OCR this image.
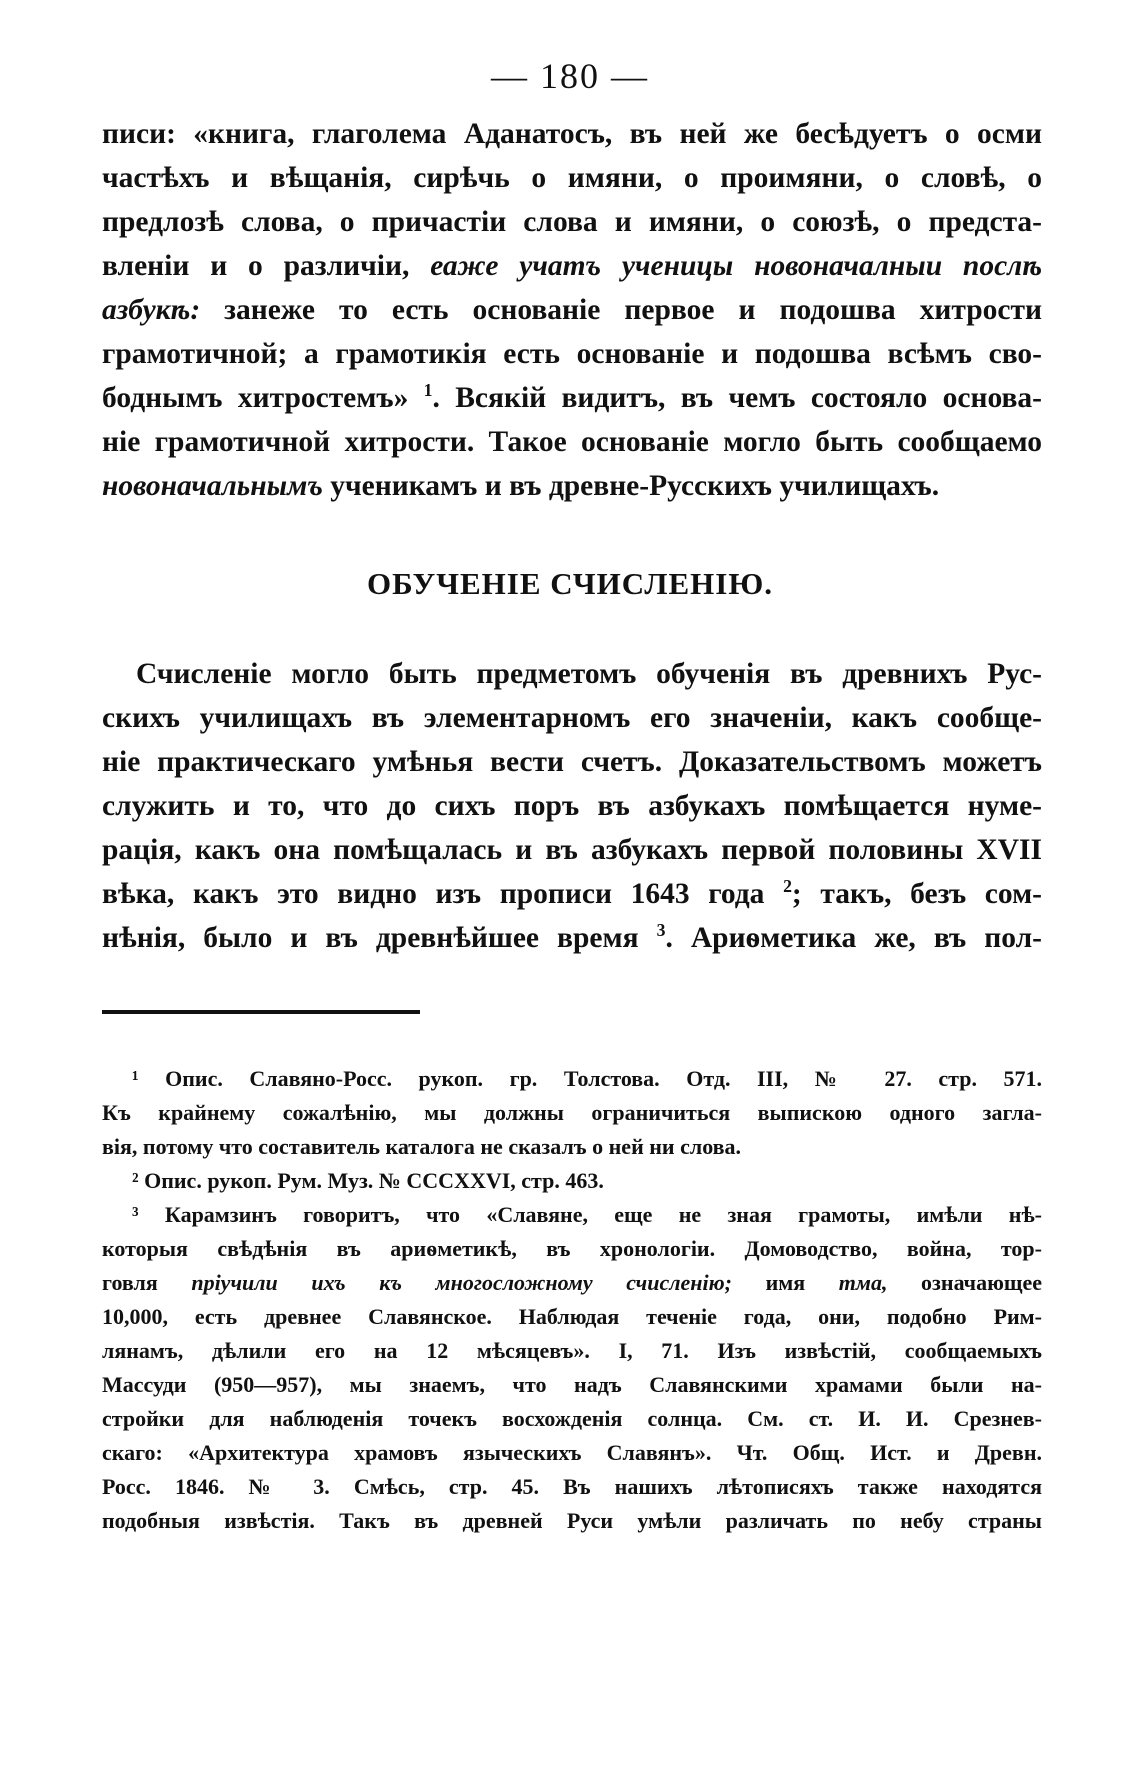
— 180 —
писи: «книга, глаголема Аданатосъ, въ ней же бесѣдуетъ о осми
частѣхъ и вѣщанія, сирѣчь о имяни, о проимяни, о словѣ, о
предлозѣ слова, о причастіи слова и имяни, о союзѣ, о предста-
вленіи и о различіи, еаже учатъ ученицы новоначалныи послѣ
азбукѣ: занеже то есть основаніе первое и подошва хитрости
грамотичной; а грамотикія есть основаніе и подошва всѣмъ сво-
боднымъ хитростемъ» $^1$. Всякій видитъ, въ чемъ состояло основа-
ніе грамотичной хитрости. Такое основаніе могло быть сообщаемо
новоначальнымъ ученикамъ и въ древне-Русскихъ училищахъ.
ОБУЧЕНІЕ СЧИСЛЕНІЮ.
Счисленіе могло быть предметомъ обученія въ древнихъ Рус-
скихъ училищахъ въ элементарномъ его значеніи, какъ сообще-
ніе практическаго умѣнья вести счетъ. Доказательствомъ можетъ
служить и то, что до сихъ поръ въ азбукахъ помѣщается нуме-
рація, какъ она помѣщалась и въ азбукахъ первой половины XVII
вѣка, какъ это видно изъ прописи 1643 года $^2$; такъ, безъ сом-
нѣнія, было и въ древнѣйшее время $^3$. Ариѳметика же, въ пол-
¹ Опис. Славяно-Росс. рукоп. гр. Толстова. Отд. III, № 27. стр. 571.
Къ крайнему сожалѣнію, мы должны ограничиться выпискою одного загла-
вія, потому что составитель каталога не сказалъ о ней ни слова.
² Опис. рукоп. Рум. Муз. № CCCXXVI, стр. 463.
³ Карамзинъ говоритъ, что «Славяне, еще не зная грамоты, имѣли нѣ-
которыя свѣдѣнія въ ариѳметикѣ, въ хронологіи. Домоводство, война, тор-
говля пріучили ихъ къ многосложному счисленію; имя тма, означающее
10,000, есть древнее Славянское. Наблюдая теченіе года, они, подобно Рим-
лянамъ, дѣлили его на 12 мѣсяцевъ». I, 71. Изъ извѣстій, сообщаемыхъ
Массуди (950—957), мы знаемъ, что надъ Славянскими храмами были на-
стройки для наблюденія точекъ восхожденія солнца. См. ст. И. И. Срезнев-
скаго: «Архитектура храмовъ языческихъ Славянъ». Чт. Общ. Ист. и Древн.
Росс. 1846. № 3. Смѣсь, стр. 45. Въ нашихъ лѣтописяхъ также находятся
подобныя извѣстія. Такъ въ древней Руси умѣли различать по небу страны
